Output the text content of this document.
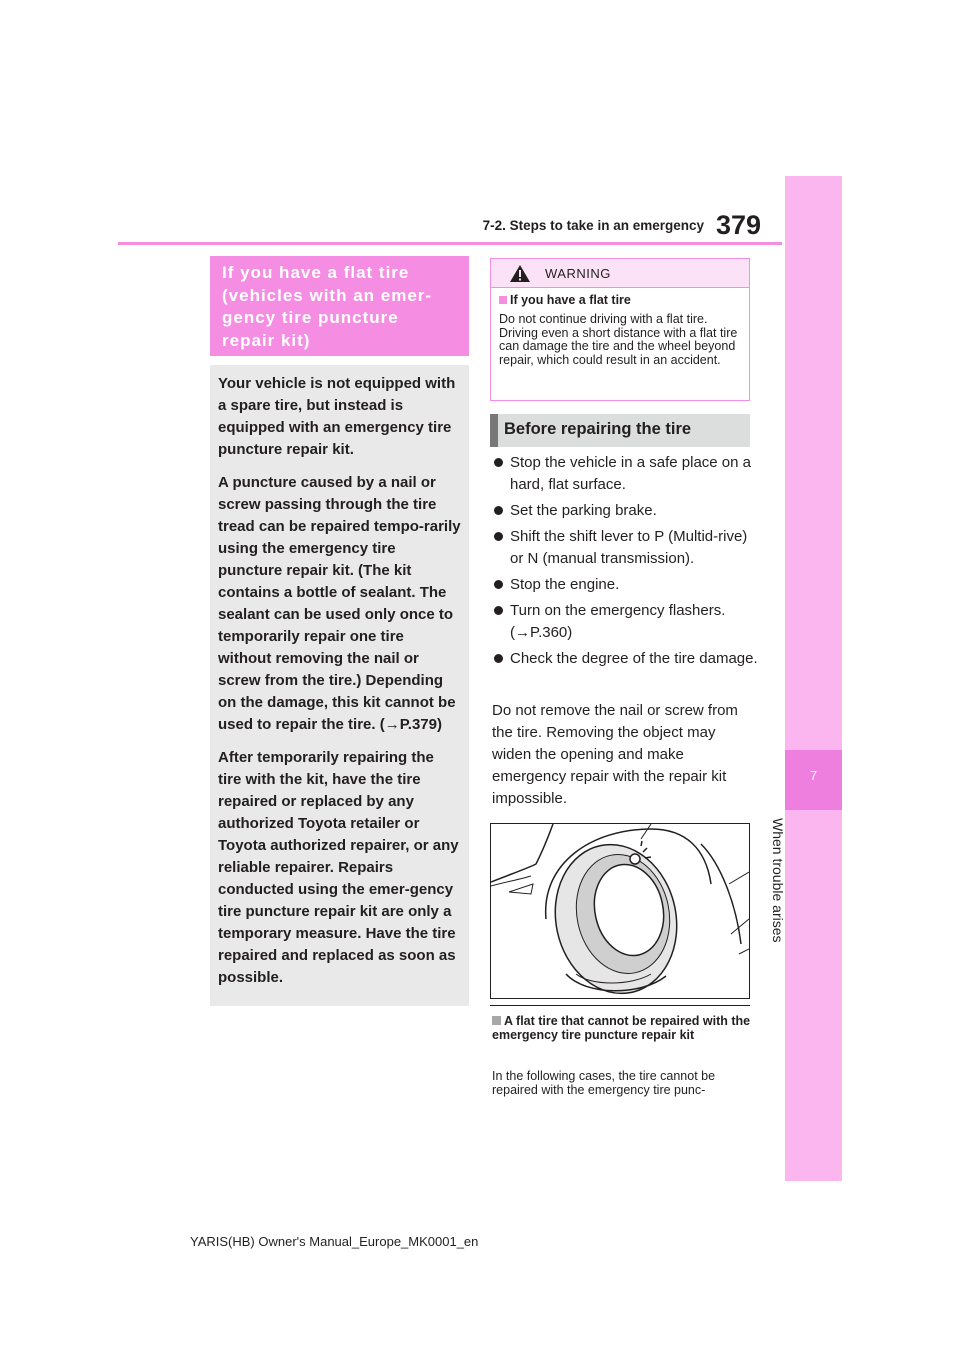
7-2. Steps to take in an emergency 379
7
When trouble arises
If you have a flat tire
(vehicles with an emer-
gency tire puncture
repair kit)

Your vehicle is not equipped with a spare tire, but instead is equipped with an emergency tire puncture repair kit.

A puncture caused by a nail or screw passing through the tire tread can be repaired tempo-rarily using the emergency tire puncture repair kit. (The kit contains a bottle of sealant. The sealant can be used only once to temporarily repair one tire without removing the nail or screw from the tire.) Depending on the damage, this kit cannot be used to repair the tire. (→P.379)

After temporarily repairing the tire with the kit, have the tire repaired or replaced by any authorized Toyota retailer or Toyota authorized repairer, or any reliable repairer. Repairs conducted using the emer-gency tire puncture repair kit are only a temporary measure. Have the tire repaired and replaced as soon as possible.

WARNING
If you have a flat tire
Do not continue driving with a flat tire. Driving even a short distance with a flat tire can damage the tire and the wheel beyond repair, which could result in an accident.
Before repairing the tire
Stop the vehicle in a safe place on a hard, flat surface.
Set the parking brake.
Shift the shift lever to P (Multid-rive) or N (manual transmission).
Stop the engine.
Turn on the emergency flashers. (→P.360)
Check the degree of the tire damage.
Do not remove the nail or screw from the tire. Removing the object may widen the opening and make emergency repair with the repair kit impossible.
A flat tire that cannot be repaired with the emergency tire puncture repair kit
In the following cases, the tire cannot be repaired with the emergency tire punc-
YARIS(HB) Owner's Manual_Europe_MK0001_en
